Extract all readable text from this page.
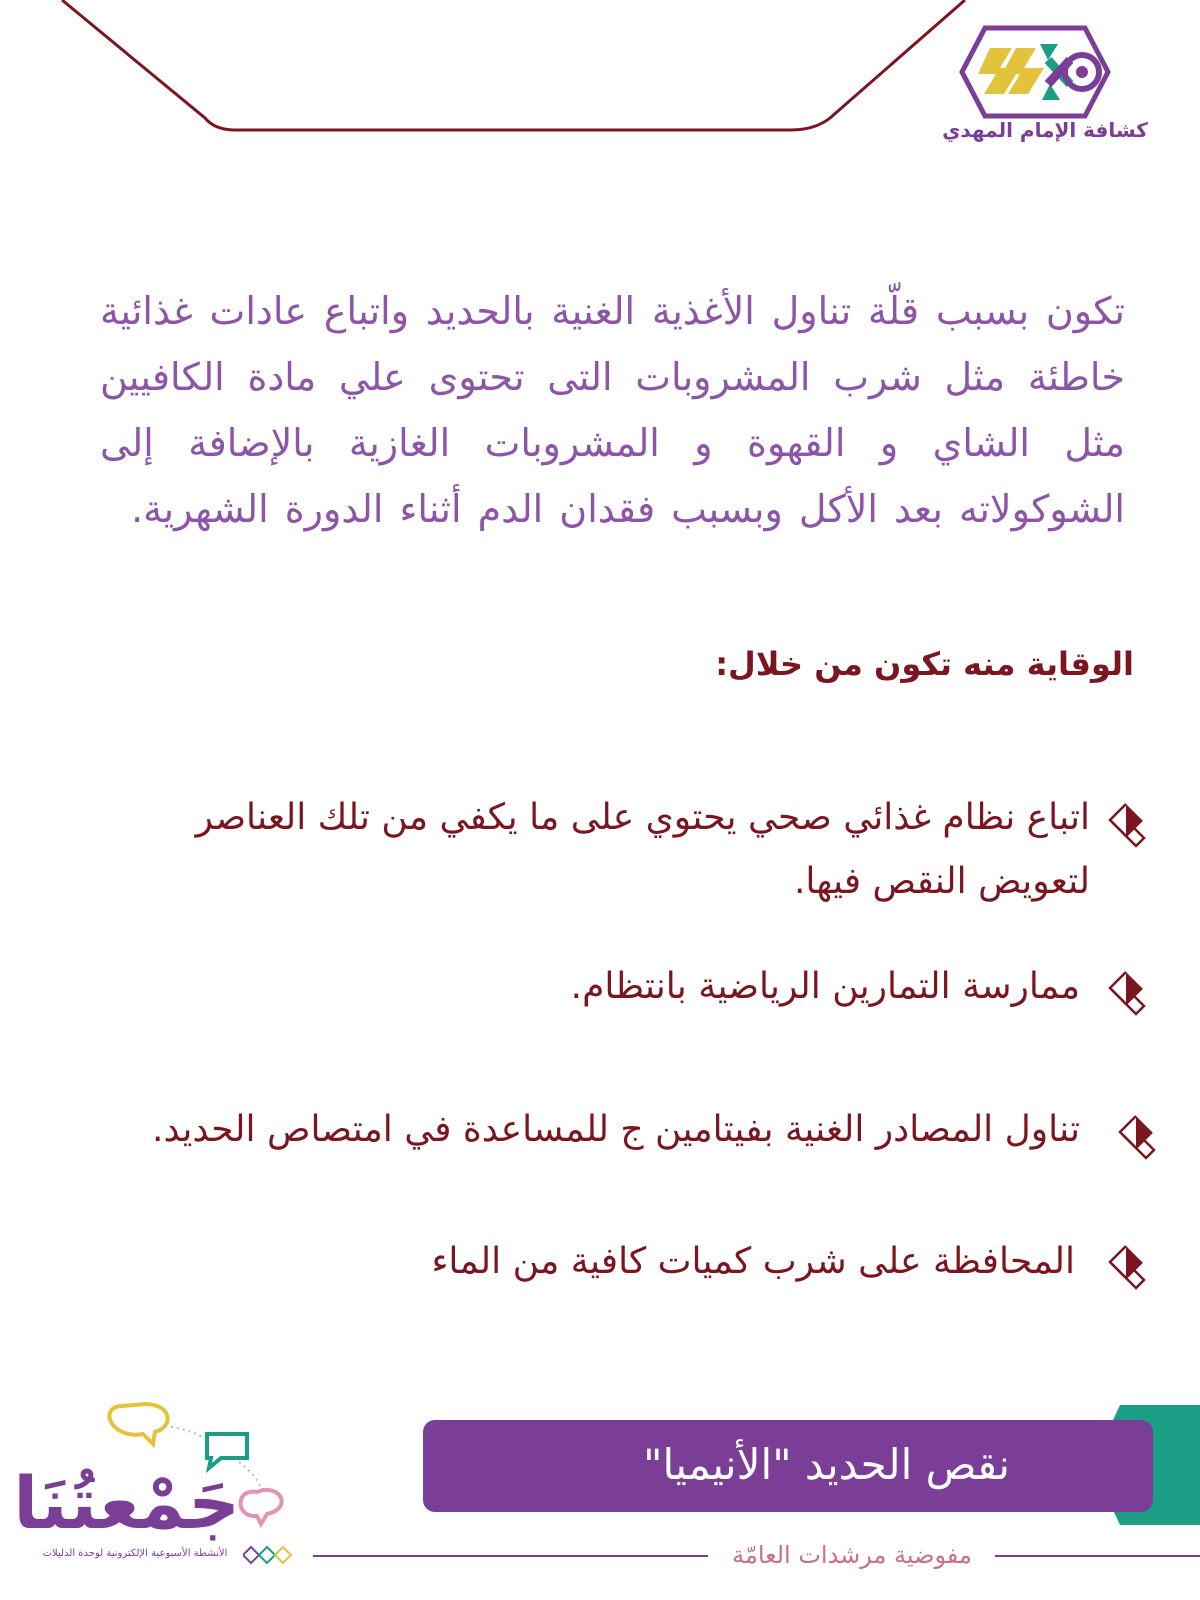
كشافة الإمام المهدي
تكون بسبب قلّة تناول الأغذية الغنية بالحديد واتباع عادات غذائية خاطئة مثل شرب المشروبات التى تحتوى علي مادة الكافيين مثل الشاي و القهوة و المشروبات الغازية بالإضافة إلى الشوكولاته بعد الأكل وبسبب فقدان الدم أثناء الدورة الشهرية.
الوقاية منه تكون من خلال:
اتباع نظام غذائي صحي يحتوي على ما يكفي من تلك العناصر لتعويض النقص فيها.
ممارسة التمارين الرياضية بانتظام.
تناول المصادر الغنية بفيتامين ج للمساعدة في امتصاص الحديد.
المحافظة على شرب كميات كافية من الماء
نقص الحديد "الأنيميا"
مفوضية مرشدات العامّة
جَمْعتُنَا
الأنشطة الأسبوعية الإلكترونية لوحدة الدليلات
